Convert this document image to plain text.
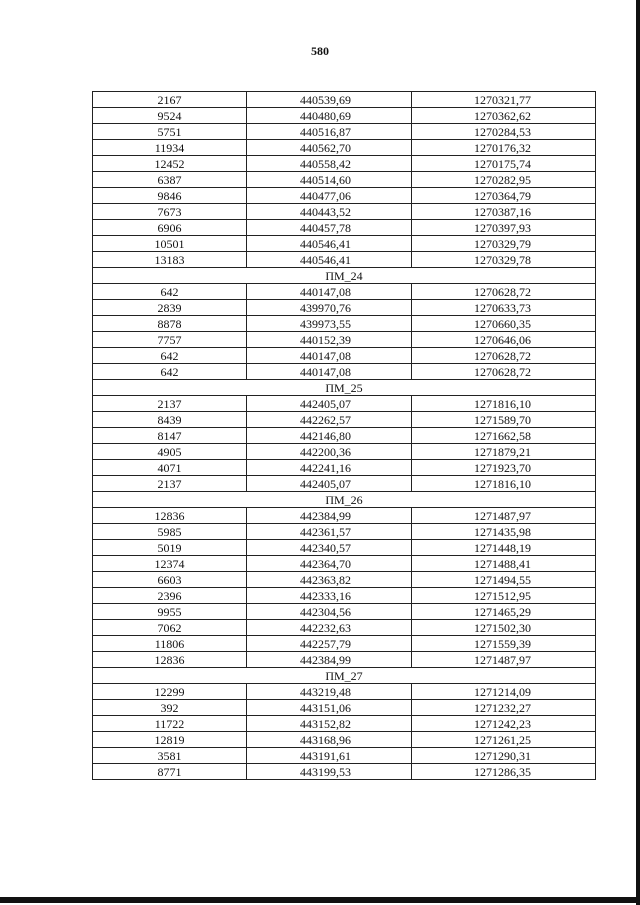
580
2167	440539,69	1270321,77
9524	440480,69	1270362,62
5751	440516,87	1270284,53
11934	440562,70	1270176,32
12452	440558,42	1270175,74
6387	440514,60	1270282,95
9846	440477,06	1270364,79
7673	440443,52	1270387,16
6906	440457,78	1270397,93
10501	440546,41	1270329,79
13183	440546,41	1270329,78
ПМ_24		
642	440147,08	1270628,72
2839	439970,76	1270633,73
8878	439973,55	1270660,35
7757	440152,39	1270646,06
642	440147,08	1270628,72
642	440147,08	1270628,72
ПМ_25		
2137	442405,07	1271816,10
8439	442262,57	1271589,70
8147	442146,80	1271662,58
4905	442200,36	1271879,21
4071	442241,16	1271923,70
2137	442405,07	1271816,10
ПМ_26		
12836	442384,99	1271487,97
5985	442361,57	1271435,98
5019	442340,57	1271448,19
12374	442364,70	1271488,41
6603	442363,82	1271494,55
2396	442333,16	1271512,95
9955	442304,56	1271465,29
7062	442232,63	1271502,30
11806	442257,79	1271559,39
12836	442384,99	1271487,97
ПМ_27		
12299	443219,48	1271214,09
392	443151,06	1271232,27
11722	443152,82	1271242,23
12819	443168,96	1271261,25
3581	443191,61	1271290,31
8771	443199,53	1271286,35
